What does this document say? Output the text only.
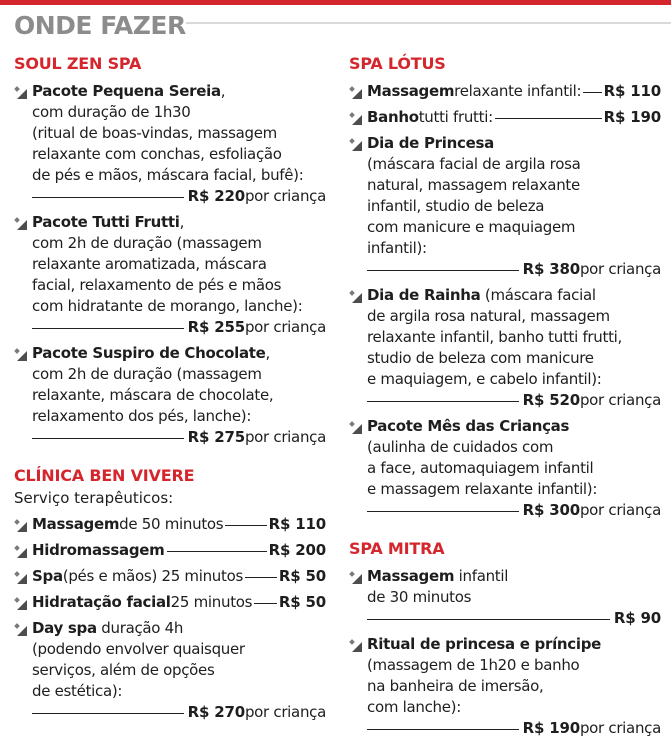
ONDE FAZER
SOUL ZEN SPA
Pacote Pequena Sereia,
com duração de 1h30
(ritual de boas-vindas, massagem
relaxante com conchas, esfoliação
de pés e mãos, máscara facial, bufê):
R$ 220 por criança
Pacote Tutti Frutti,
com 2h de duração (massagem
relaxante aromatizada, máscara
facial, relaxamento de pés e mãos
com hidratante de morango, lanche):
R$ 255 por criança
Pacote Suspiro de Chocolate,
com 2h de duração (massagem
relaxante, máscara de chocolate,
relaxamento dos pés, lanche):
R$ 275 por criança
CLÍNICA BEN VIVERE
Serviço terapêuticos:
Massagem de 50 minutos	R$ 110
Hidromassagem	R$ 200
Spa (pés e mãos) 25 minutos R$ 50
Hidratação facial 25 minutos R$ 50
Day spa duração 4h
(podendo envolver quaisquer
serviços, além de opções
de estética):
R$ 270 por criança
SPA LÓTUS
Massagem relaxante infantil: R$ 110
Banho tutti frutti:	R$ 190
Dia de Princesa
(máscara facial de argila rosa
natural, massagem relaxante
infantil, studio de beleza
com manicure e maquiagem
infantil):
R$ 380 por criança
Dia de Rainha (máscara facial
de argila rosa natural, massagem
relaxante infantil, banho tutti frutti,
studio de beleza com manicure
e maquiagem, e cabelo infantil):
R$ 520 por criança
Pacote Mês das Crianças
(aulinha de cuidados com
a face, automaquiagem infantil
e massagem relaxante infantil):
R$ 300 por criança
SPA MITRA
Massagem infantil
de 30 minutos
R$ 90
Ritual de princesa e príncipe
(massagem de 1h20 e banho
na banheira de imersão,
com lanche):
R$ 190 por criança
